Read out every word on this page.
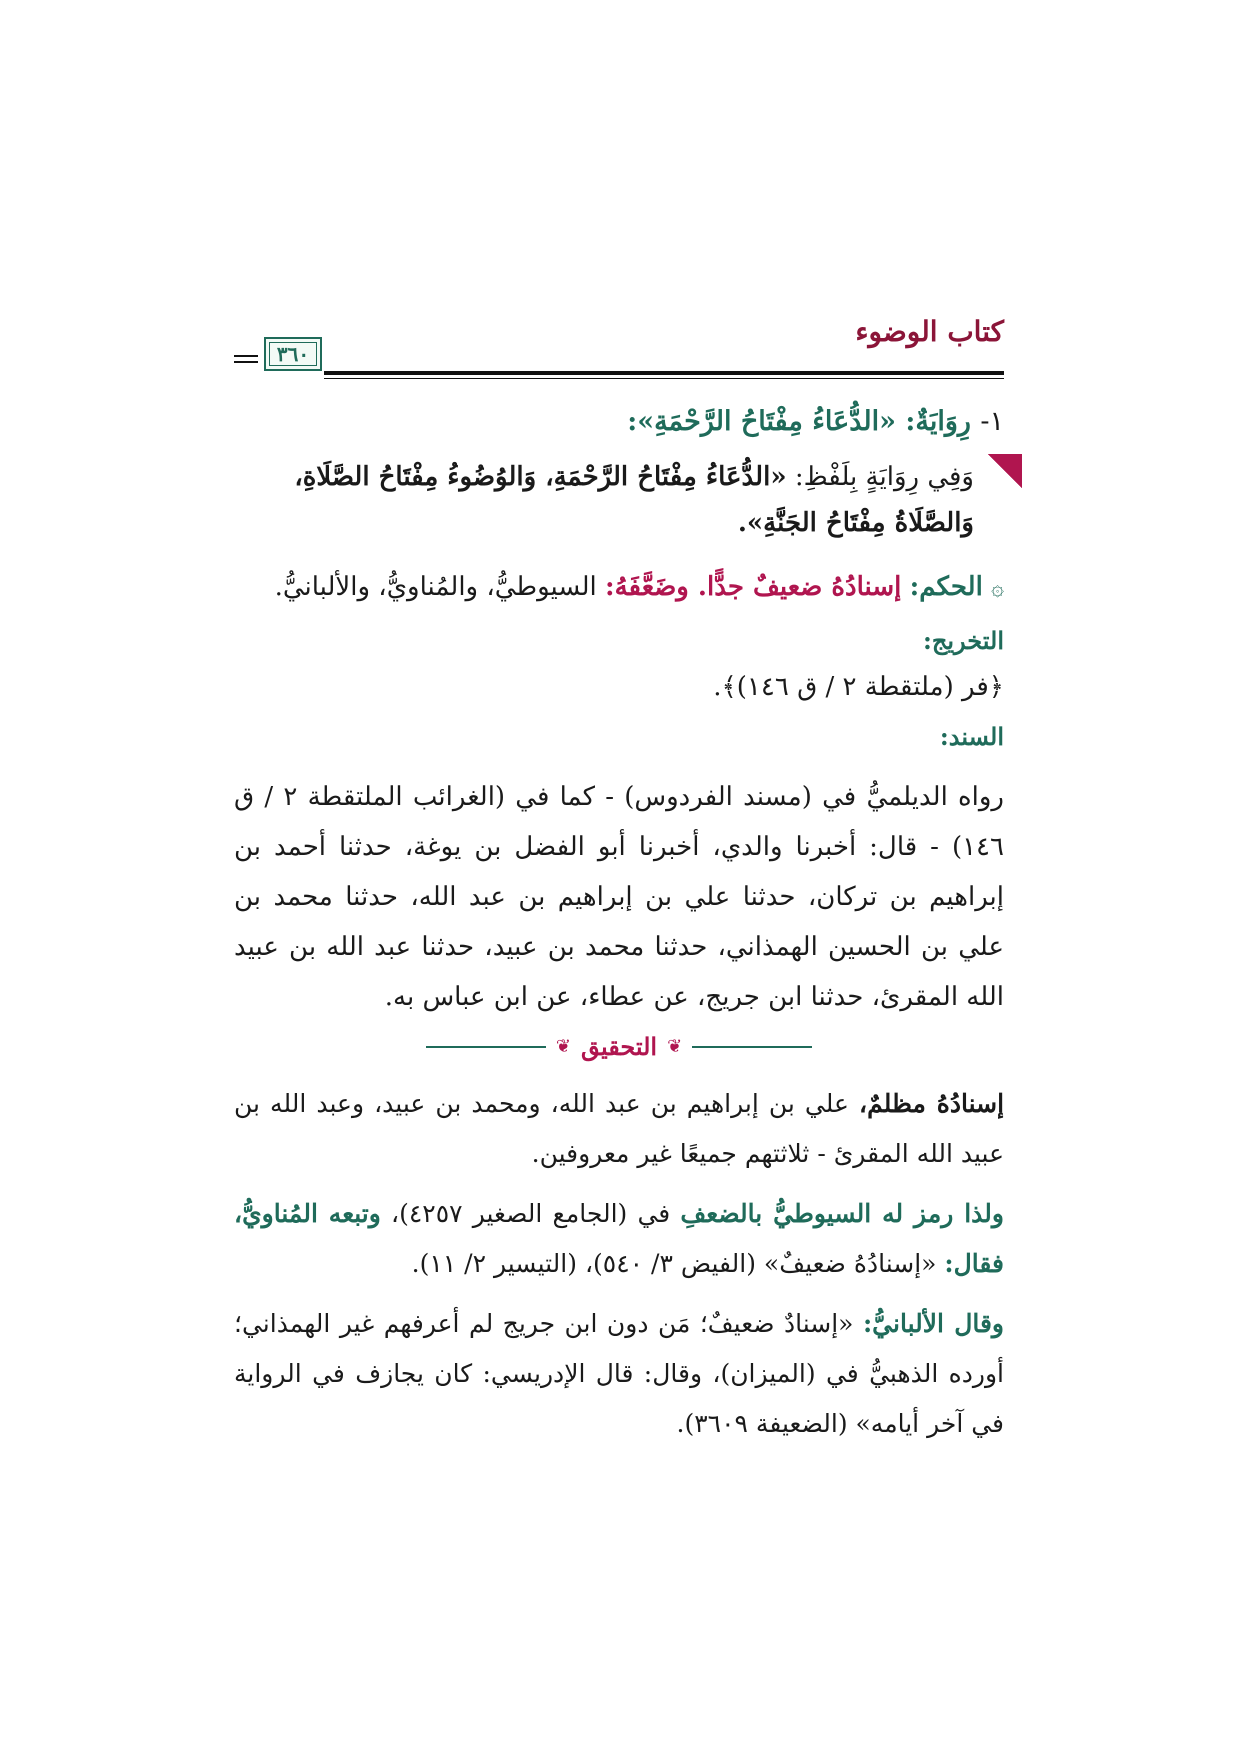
كتاب الوضوء
٣٦٠
١- رِوَايَةٌ: «الدُّعَاءُ مِفْتَاحُ الرَّحْمَةِ»:
وَفِي رِوَايَةٍ بِلَفْظِ: «الدُّعَاءُ مِفْتَاحُ الرَّحْمَةِ، وَالوُضُوءُ مِفْتَاحُ الصَّلَاةِ، وَالصَّلَاةُ مِفْتَاحُ الجَنَّةِ».
۞ الحكم: إسنادُهُ ضعيفٌ جدًّا. وضَعَّفَهُ: السيوطيُّ، والمُناويُّ، والألبانيُّ.
التخريج:
﴿فر (ملتقطة ٢ / ق ١٤٦)﴾.
السند:
رواه الديلميُّ في (مسند الفردوس) - كما في (الغرائب الملتقطة ٢ / ق ١٤٦) - قال: أخبرنا والدي، أخبرنا أبو الفضل بن يوغة، حدثنا أحمد بن إبراهيم بن تركان، حدثنا علي بن إبراهيم بن عبد الله، حدثنا محمد بن علي بن الحسين الهمذاني، حدثنا محمد بن عبيد، حدثنا عبد الله بن عبيد الله المقرئ، حدثنا ابن جريج، عن عطاء، عن ابن عباس به.
❦
التحقيق
❦
إسنادُهُ مظلمٌ، علي بن إبراهيم بن عبد الله، ومحمد بن عبيد، وعبد الله بن عبيد الله المقرئ - ثلاثتهم جميعًا غير معروفين.
ولذا رمز له السيوطيُّ بالضعفِ في (الجامع الصغير ٤٢٥٧)، وتبعه المُناويُّ، فقال: «إسنادُهُ ضعيفٌ» (الفيض ٣/ ٥٤٠)، (التيسير ٢/ ١١).
وقال الألبانيُّ: «إسنادٌ ضعيفٌ؛ مَن دون ابن جريج لم أعرفهم غير الهمذاني؛ أورده الذهبيُّ في (الميزان)، وقال: قال الإدريسي: كان يجازف في الرواية في آخر أيامه» (الضعيفة ٣٦٠٩).
